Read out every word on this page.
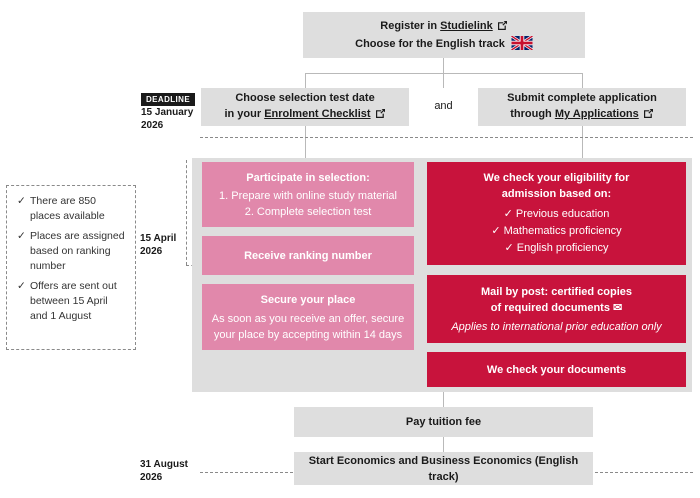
Register in Studielink
Choose for the English track
Choose selection test date
in your Enrolment Checklist
and
Submit complete application
through My Applications
DEADLINE
15 January
2026
Participate in selection:
1. Prepare with online study material
2. Complete selection test
Receive ranking number
Secure your place
As soon as you receive an offer, secure
your place by accepting within 14 days
We check your eligibility for
admission based on:
✓ Previous education
✓ Mathematics proficiency
✓ English proficiency
Mail by post: certified copies
of required documents ✉
Applies to international prior education only
We check your documents
15 April
2026
✓ There are 850 places available
✓ Places are assigned based on ranking number
✓ Offers are sent out between 15 April and 1 August
Pay tuition fee
Start Economics and Business Economics (English track)
31 August
2026
